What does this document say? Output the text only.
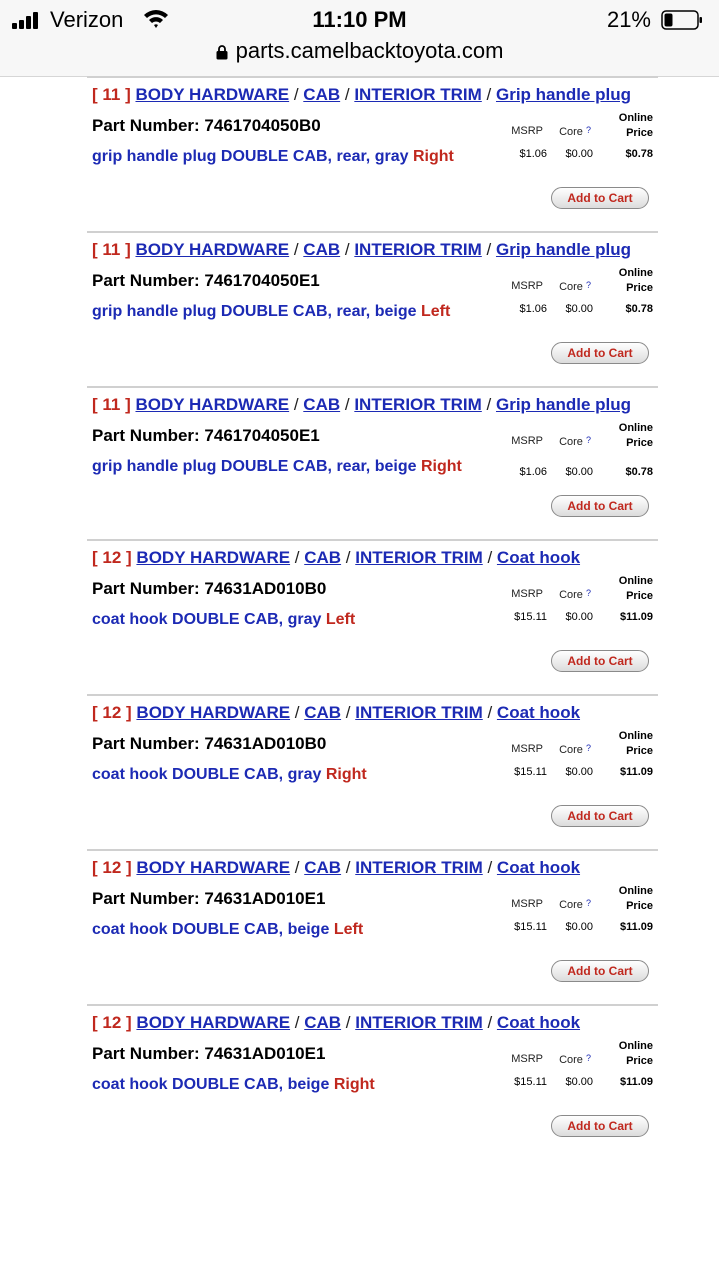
Verizon	11:10 PM	21%
parts.camelbacktoyota.com
[ 11 ] BODY HARDWARE / CAB / INTERIOR TRIM / Grip handle plug
Part Number: 7461704050B0	MSRP Core ?
Online
Price
grip handle plug DOUBLE CAB, rear, gray Right	$1.06 $0.00	$0.78
Add to Cart
[ 11 ] BODY HARDWARE / CAB / INTERIOR TRIM / Grip handle plug
Part Number: 7461704050E1	MSRP Core ?
Online
Price
grip handle plug DOUBLE CAB, rear, beige Left	$1.06 $0.00	$0.78
Add to Cart
[ 11 ] BODY HARDWARE / CAB / INTERIOR TRIM / Grip handle plug
Part Number: 7461704050E1	MSRP Core ?
Online
Price
grip handle plug DOUBLE CAB, rear, beige Right	$1.06 $0.00	$0.78
Add to Cart
[ 12 ] BODY HARDWARE / CAB / INTERIOR TRIM / Coat hook
Part Number: 74631AD010B0	MSRP Core ?
Online
Price
coat hook DOUBLE CAB, gray Left	$15.11 $0.00 $11.09
Add to Cart
[ 12 ] BODY HARDWARE / CAB / INTERIOR TRIM / Coat hook
Part Number: 74631AD010B0	MSRP Core ?
Online
Price
coat hook DOUBLE CAB, gray Right	$15.11 $0.00 $11.09
Add to Cart
[ 12 ] BODY HARDWARE / CAB / INTERIOR TRIM / Coat hook
Part Number: 74631AD010E1	MSRP Core ?
Online
Price
coat hook DOUBLE CAB, beige Left	$15.11 $0.00 $11.09
Add to Cart
[ 12 ] BODY HARDWARE / CAB / INTERIOR TRIM / Coat hook
Part Number: 74631AD010E1	MSRP Core ?
Online
Price
coat hook DOUBLE CAB, beige Right	$15.11 $0.00 $11.09
Add to Cart
